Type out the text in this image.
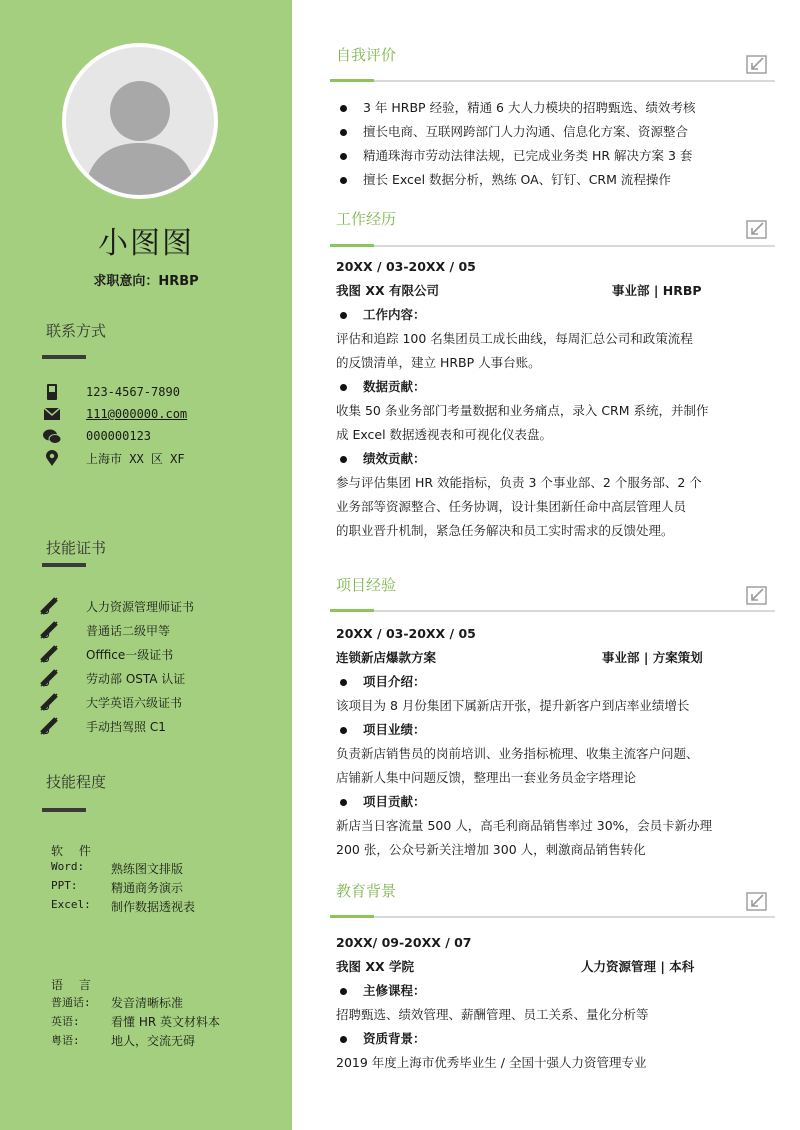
小图图
求职意向：HRBP
联系方式
123-4567-7890
111@000000.com
000000123
上海市 XX 区 XF
技能证书
人力资源管理师证书
普通话二级甲等
Offfice一级证书
劳动部 OSTA 认证
大学英语六级证书
手动挡驾照 C1
技能程度
软 件
Word:	熟练图文排版
PPT:	精通商务演示
Excel:	制作数据透视表
语 言
普通话:	发音清晰标准
英语:	看懂 HR 英文材料本
粤语:	地人，交流无碍
自我评价
3 年 HRBP 经验，精通 6 大人力模块的招聘甄选、绩效考核
擅长电商、互联网跨部门人力沟通、信息化方案、资源整合
精通珠海市劳动法律法规，已完成业务类 HR 解决方案 3 套
擅长 Excel 数据分析，熟练 OA、钉钉、CRM 流程操作
工作经历
20XX / 03-20XX / 05
我图 XX 有限公司	事业部 | HRBP
工作内容：
评估和追踪 100 名集团员工成长曲线，每周汇总公司和政策流程
的反馈清单，建立 HRBP 人事台账。
数据贡献：
收集 50 条业务部门考量数据和业务痛点，录入 CRM 系统，并制作
成 Excel 数据透视表和可视化仪表盘。
绩效贡献：
参与评估集团 HR 效能指标，负责 3 个事业部、2 个服务部、2 个
业务部等资源整合、任务协调，设计集团新任命中高层管理人员
的职业晋升机制，紧急任务解决和员工实时需求的反馈处理。
项目经验
20XX / 03-20XX / 05
连锁新店爆款方案	事业部 | 方案策划
项目介绍：
该项目为 8 月份集团下属新店开张，提升新客户到店率业绩增长
项目业绩：
负责新店销售员的岗前培训、业务指标梳理、收集主流客户问题、
店铺新人集中问题反馈，整理出一套业务员金字塔理论
项目贡献：
新店当日客流量 500 人，高毛利商品销售率过 30%，会员卡新办理
200 张，公众号新关注增加 300 人，刺激商品销售转化
教育背景
20XX/ 09-20XX / 07
我图 XX 学院	人力资源管理 | 本科
主修课程：
招聘甄选、绩效管理、薪酬管理、员工关系、量化分析等
资质背景：
2019 年度上海市优秀毕业生 / 全国十强人力资管理专业
